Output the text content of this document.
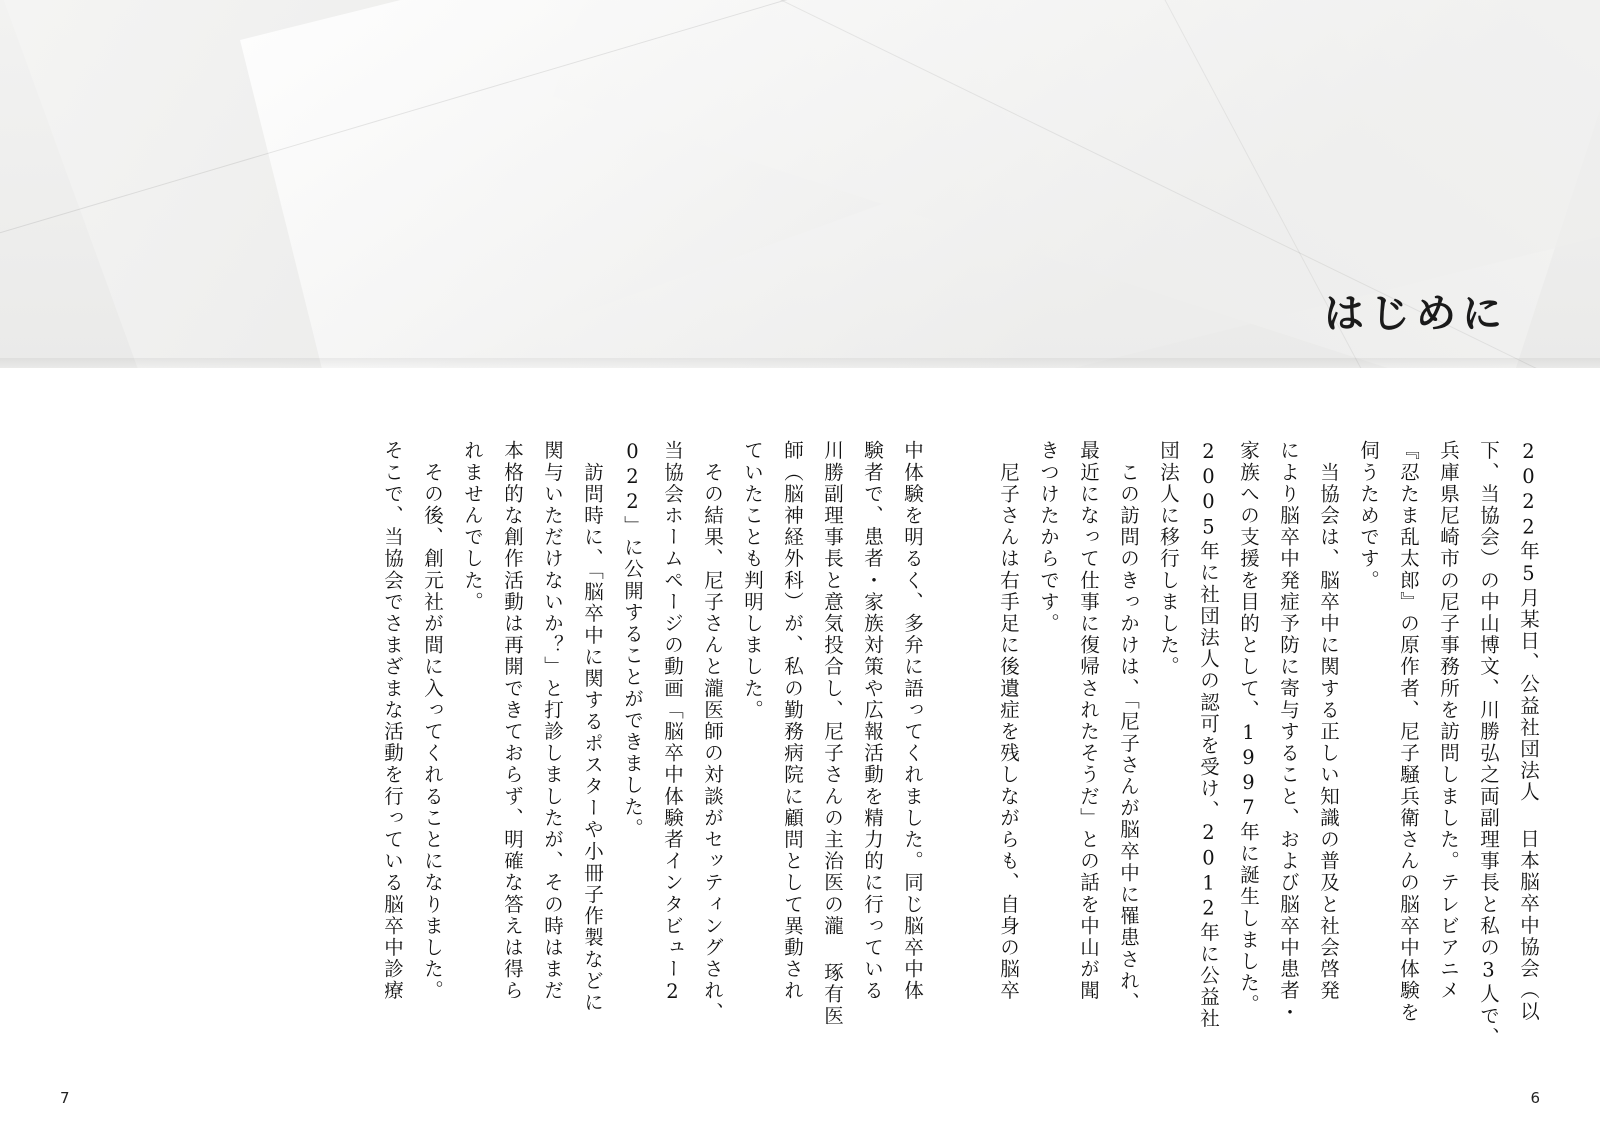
はじめに
2022年5月某日、公益社団法人 日本脳卒中協会（以
下、当協会）の中山博文、川勝弘之両副理事長と私の3人で、
兵庫県尼崎市の尼子事務所を訪問しました。テレビアニメ
『忍たま乱太郎』の原作者、尼子騒兵衛さんの脳卒中体験を
伺うためです。
　当協会は、脳卒中に関する正しい知識の普及と社会啓発
により脳卒中発症予防に寄与すること、および脳卒中患者・
家族への支援を目的として、1997年に誕生しました。
2005年に社団法人の認可を受け、2012年に公益社
団法人に移行しました。
　この訪問のきっかけは、「尼子さんが脳卒中に罹患され、
最近になって仕事に復帰されたそうだ」との話を中山が聞
きつけたからです。
　尼子さんは右手足に後遺症を残しながらも、自身の脳卒
中体験を明るく、多弁に語ってくれました。同じ脳卒中体
験者で、患者・家族対策や広報活動を精力的に行っている
川勝副理事長と意気投合し、尼子さんの主治医の瀧 琢有医
師（脳神経外科）が、私の勤務病院に顧問として異動され
ていたことも判明しました。
　その結果、尼子さんと瀧医師の対談がセッティングされ、
当協会ホームページの動画「脳卒中体験者インタビュー2
022」に公開することができました。
　訪問時に、「脳卒中に関するポスターや小冊子作製などに
関与いただけないか？」と打診しましたが、その時はまだ
本格的な創作活動は再開できておらず、明確な答えは得ら
れませんでした。
　その後、創元社が間に入ってくれることになりました。
そこで、当協会でさまざまな活動を行っている脳卒中診療
6
7
